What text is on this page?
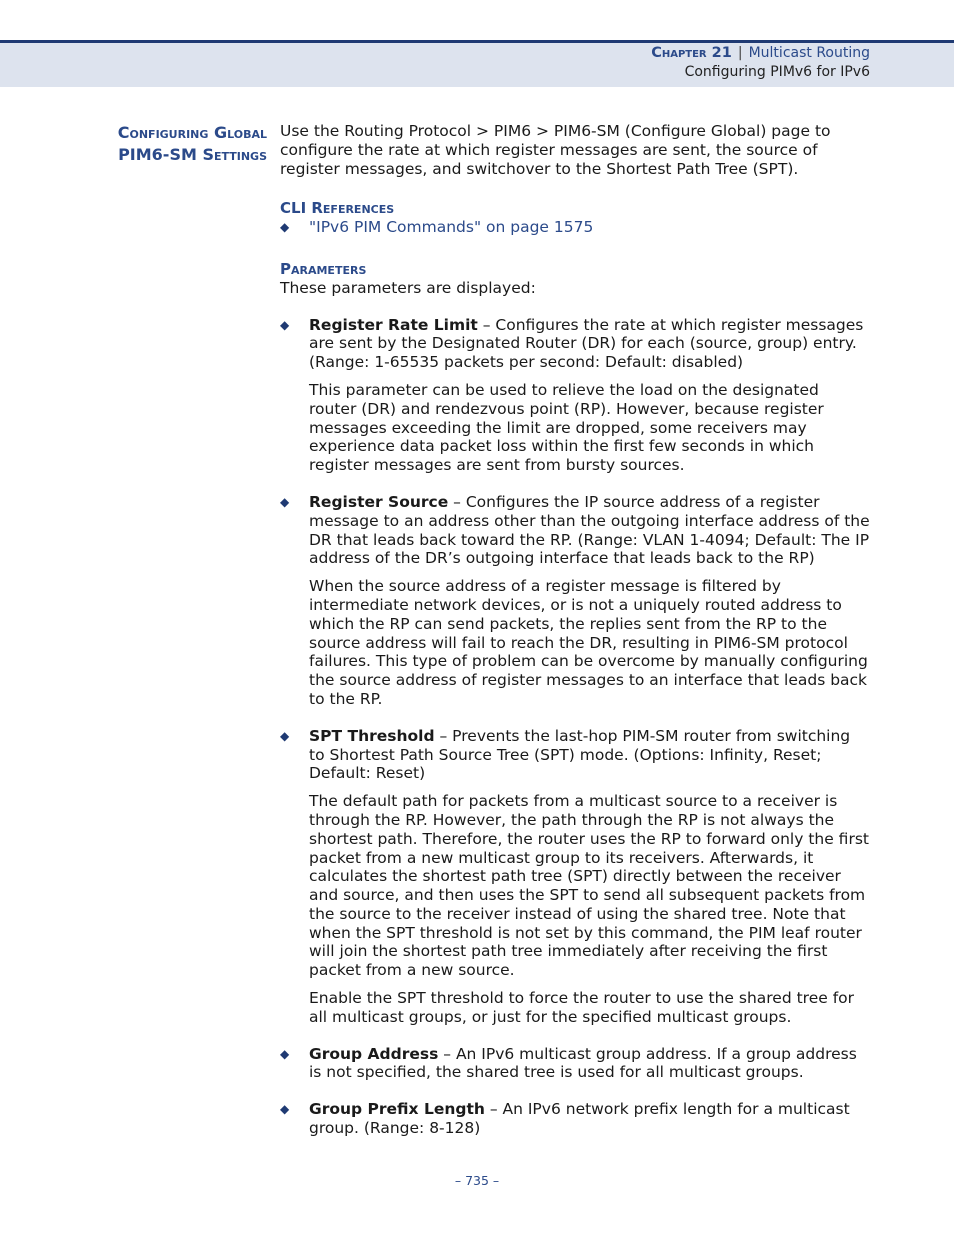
Chapter 21 | Multicast Routing
Configuring PIMv6 for IPv6
Configuring Global
PIM6-SM Settings

Use the Routing Protocol > PIM6 > PIM6-SM (Configure Global) page to configure the rate at which register messages are sent, the source of register messages, and switchover to the Shortest Path Tree (SPT).

CLI References
◆	"IPv6 PIM Commands" on page 1575
Parameters

These parameters are displayed:

◆	Register Rate Limit – Configures the rate at which register messages are sent by the Designated Router (DR) for each (source, group) entry. (Range: 1-65535 packets per second: Default: disabled)

This parameter can be used to relieve the load on the designated router (DR) and rendezvous point (RP). However, because register messages exceeding the limit are dropped, some receivers may experience data packet loss within the first few seconds in which register messages are sent from bursty sources.

◆	Register Source – Configures the IP source address of a register message to an address other than the outgoing interface address of the DR that leads back toward the RP. (Range: VLAN 1-4094; Default: The IP address of the DR’s outgoing interface that leads back to the RP)

When the source address of a register message is filtered by intermediate network devices, or is not a uniquely routed address to which the RP can send packets, the replies sent from the RP to the source address will fail to reach the DR, resulting in PIM6-SM protocol failures. This type of problem can be overcome by manually configuring the source address of register messages to an interface that leads back to the RP.

◆	SPT Threshold – Prevents the last-hop PIM-SM router from switching to Shortest Path Source Tree (SPT) mode. (Options: Infinity, Reset; Default: Reset)

The default path for packets from a multicast source to a receiver is through the RP. However, the path through the RP is not always the shortest path. Therefore, the router uses the RP to forward only the first packet from a new multicast group to its receivers. Afterwards, it calculates the shortest path tree (SPT) directly between the receiver and source, and then uses the SPT to send all subsequent packets from the source to the receiver instead of using the shared tree. Note that when the SPT threshold is not set by this command, the PIM leaf router will join the shortest path tree immediately after receiving the first packet from a new source.

Enable the SPT threshold to force the router to use the shared tree for all multicast groups, or just for the specified multicast groups.

◆	Group Address – An IPv6 multicast group address. If a group address is not specified, the shared tree is used for all multicast groups.
◆	Group Prefix Length – An IPv6 network prefix length for a multicast group. (Range: 8-128)
– 735 –
